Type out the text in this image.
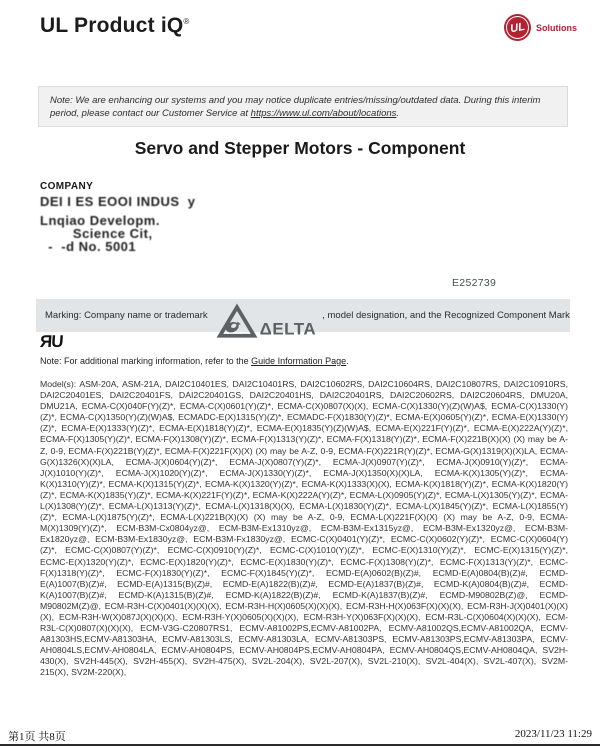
UL Product iQ®	UL	Solutions
Note: We are enhancing our systems and you may notice duplicate entries/missing/outdated data. During this interim period, please contact our Customer Service at https://www.ul.com/about/locations.
Servo and Stepper Motors - Component
COMPANY
DEI I ES EOOI INDUS  y
Lnqiao Developm.
Science Cit,
-  -d No. 5001
E252739
Marking: Company name or trademark
ΔELTA
, model designation, and the Recognized Component Mark
ЯU
Note: For additional marking information, refer to the Guide Information Page.
Model(s): ASM-20A, ASM-21A, DAI2C10401ES, DAI2C10401RS, DAI2C10602RS, DAI2C10604RS, DAI2C10807RS, DAI2C10910RS, DAI2C20401ES, DAI2C20401FS, DAI2C20401GS, DAI2C20401HS, DAI2C20401RS, DAI2C20602RS, DAI2C20604RS, DMU20A, DMU21A, ECMA-C(X)040F(Y)(Z)*, ECMA-C(X)0601(Y)(Z)*, ECMA-C(X)0807(X)(X), ECMA-C(X)1330(Y)(Z)(W)A$, ECMA-C(X)1330(Y)(Z)*, ECMA-C(X)1350(Y)(Z)(W)A$, ECMADC-E(X)1315(Y)(Z)*, ECMADC-F(X)1830(Y)(Z)*, ECMA-E(X)0605(Y)(Z)*, ECMA-E(X)1330(Y)(Z)*, ECMA-E(X)1333(Y)(Z)*, ECMA-E(X)1818(Y)(Z)*, ECMA-E(X)1835(Y)(Z)(W)A$, ECMA-E(X)221F(Y)(Z)*, ECMA-E(X)222A(Y)(Z)*, ECMA-F(X)1305(Y)(Z)*, ECMA-F(X)1308(Y)(Z)*, ECMA-F(X)1313(Y)(Z)*, ECMA-F(X)1318(Y)(Z)*, ECMA-F(X)221B(X)(X) (X) may be A-Z, 0-9, ECMA-F(X)221B(Y)(Z)*, ECMA-F(X)221F(X)(X) (X) may be A-Z, 0-9, ECMA-F(X)221R(Y)(Z)*, ECMA-G(X)1319(X)(X)LA, ECMA-G(X)1326(X)(X)LA, ECMA-J(X)0604(Y)(Z)*, ECMA-J(X)0807(Y)(Z)*, ECMA-J(X)0907(Y)(Z)*, ECMA-J(X)0910(Y)(Z)*, ECMA-J(X)1010(Y)(Z)*, ECMA-J(X)1020(Y)(Z)*, ECMA-J(X)1330(Y)(Z)*, ECMA-J(X)1350(X)(X)LA, ECMA-K(X)1305(Y)(Z)*, ECMA-K(X)1310(Y)(Z)*, ECMA-K(X)1315(Y)(Z)*, ECMA-K(X)1320(Y)(Z)*, ECMA-K(X)1333(X)(X), ECMA-K(X)1818(Y)(Z)*, ECMA-K(X)1820(Y)(Z)*, ECMA-K(X)1835(Y)(Z)*, ECMA-K(X)221F(Y)(Z)*, ECMA-K(X)222A(Y)(Z)*, ECMA-L(X)0905(Y)(Z)*, ECMA-L(X)1305(Y)(Z)*, ECMA-L(X)1308(Y)(Z)*, ECMA-L(X)1313(Y)(Z)*, ECMA-L(X)1318(X)(X), ECMA-L(X)1830(Y)(Z)*, ECMA-L(X)1845(Y)(Z)*, ECMA-L(X)1855(Y)(Z)*, ECMA-L(X)1875(Y)(Z)*, ECMA-L(X)221B(X)(X) (X) may be A-Z, 0-9, ECMA-L(X)221F(X)(X) (X) may be A-Z, 0-9, ECMA-M(X)1309(Y)(Z)*, ECM-B3M-Cx0804yz@, ECM-B3M-Ex1310yz@, ECM-B3M-Ex1315yz@, ECM-B3M-Ex1320yz@, ECM-B3M-Ex1820yz@, ECM-B3M-Ex1830yz@, ECM-B3M-Fx1830yz@, ECMC-C(X)0401(Y)(Z)*, ECMC-C(X)0602(Y)(Z)*, ECMC-C(X)0604(Y)(Z)*, ECMC-C(X)0807(Y)(Z)*, ECMC-C(X)0910(Y)(Z)*, ECMC-C(X)1010(Y)(Z)*, ECMC-E(X)1310(Y)(Z)*, ECMC-E(X)1315(Y)(Z)*, ECMC-E(X)1320(Y)(Z)*, ECMC-E(X)1820(Y)(Z)*, ECMC-E(X)1830(Y)(Z)*, ECMC-F(X)1308(Y)(Z)*, ECMC-F(X)1313(Y)(Z)*, ECMC-F(X)1318(Y)(Z)*, ECMC-F(X)1830(Y)(Z)*, ECMC-F(X)1845(Y)(Z)*, ECMD-E(A)0602(B)(Z)#, ECMD-E(A)0804(B)(Z)#, ECMD-E(A)1007(B)(Z)#, ECMD-E(A)1315(B)(Z)#, ECMD-E(A)1822(B)(Z)#, ECMD-E(A)1837(B)(Z)#, ECMD-K(A)0804(B)(Z)#, ECMD-K(A)1007(B)(Z)#, ECMD-K(A)1315(B)(Z)#, ECMD-K(A)1822(B)(Z)#, ECMD-K(A)1837(B)(Z)#, ECMD-M90802B(Z)@, ECMD-M90802M(Z)@, ECM-R3H-C(X)0401(X)(X)(X), ECM-R3H-H(X)0605(X)(X)(X), ECM-R3H-H(X)063F(X)(X)(X), ECM-R3H-J(X)0401(X)(X)(X), ECM-R3H-W(X)087J(X)(X)(X), ECM-R3H-Y(X)0605(X)(X)(X), ECM-R3H-Y(X)063F(X)(X)(X), ECM-R3L-C(X)0604(X)(X)(X), ECM-R3L-C(X)0807(X)(X)(X), ECM-V3G-C20807RS1, ECMV-A81002PS,ECMV-A81002PA, ECMV-A81002QS,ECMV-A81002QA, ECMV-A81303HS,ECMV-A81303HA, ECMV-A81303LS, ECMV-A81303LA, ECMV-A81303PS, ECMV-A81303PS,ECMV-A81303PA, ECMV-AH0804LS,ECMV-AH0804LA, ECMV-AH0804PS, ECMV-AH0804PS,ECMV-AH0804PA, ECMV-AH0804QS,ECMV-AH0804QA, SV2H-430(X), SV2H-445(X), SV2H-455(X), SV2H-475(X), SV2L-204(X), SV2L-207(X), SV2L-210(X), SV2L-404(X), SV2L-407(X), SV2M-215(X), SV2M-220(X),
第1页 共8页	2023/11/23 11:29
